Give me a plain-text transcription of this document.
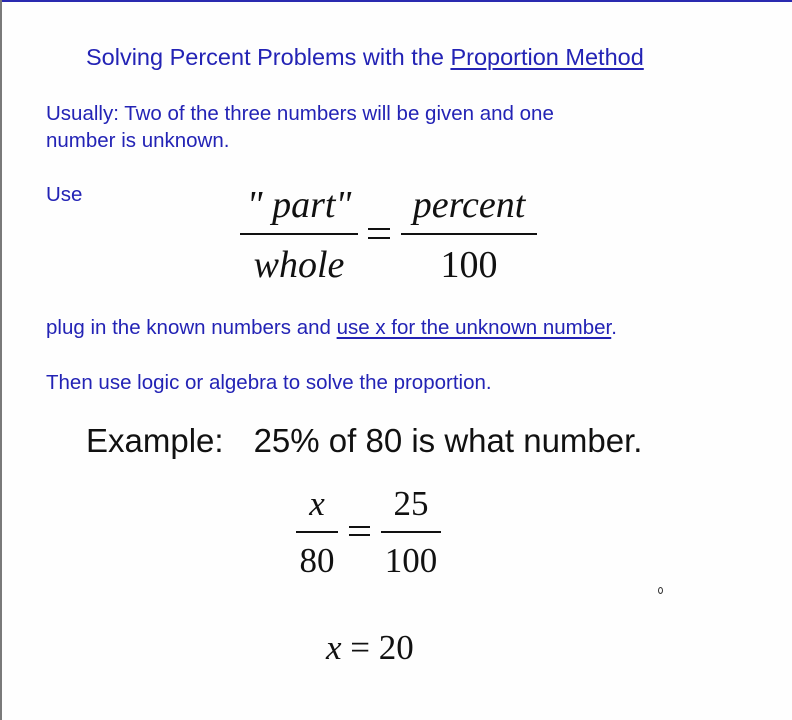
Solving Percent Problems with the Proportion Method
Usually: Two of the three numbers will be given and one
number is unknown.
Use	" part"
whole
percent
100
plug in the known numbers and use x for the unknown number.
Then use logic or algebra to solve the proportion.
Example: 25% of 80 is what number.
x
80
25
100
x = 20
